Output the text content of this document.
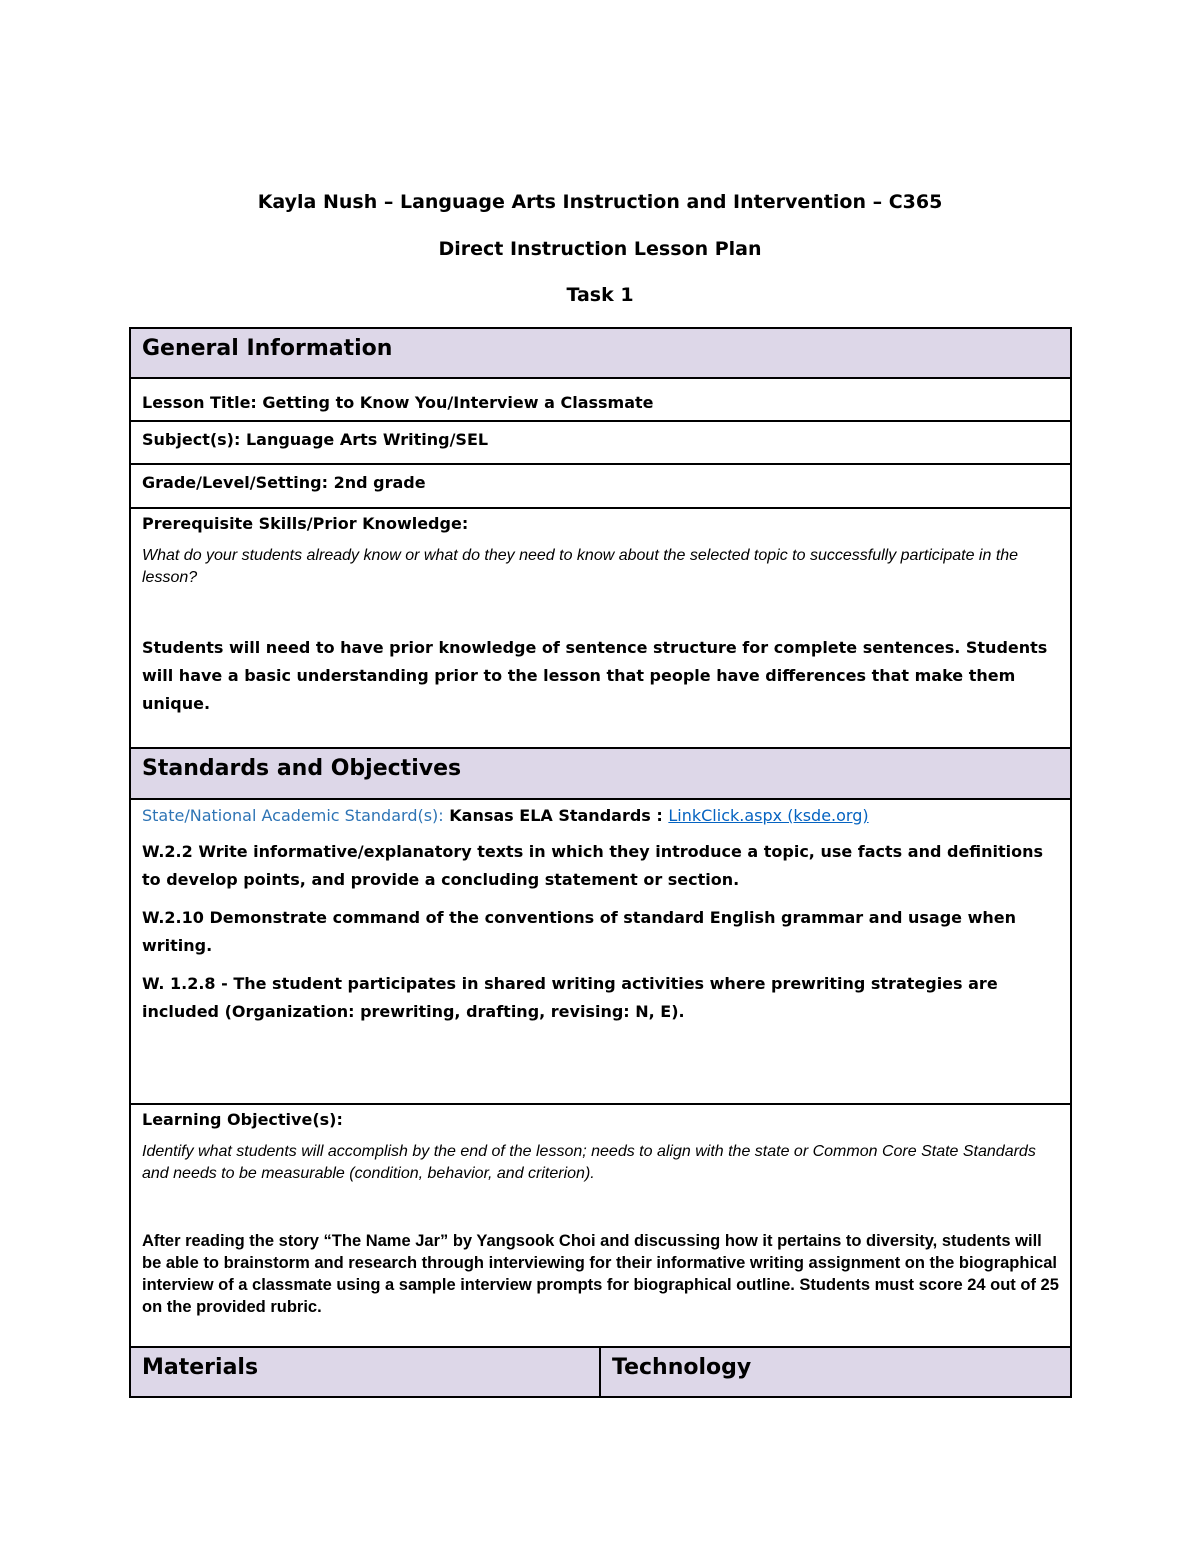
Kayla Nush – Language Arts Instruction and Intervention – C365
Direct Instruction Lesson Plan
Task 1
General Information

Lesson Title: Getting to Know You/Interview a Classmate

Subject(s): Language Arts Writing/SEL

Grade/Level/Setting: 2nd grade

Prerequisite Skills/Prior Knowledge:
What do your students already know or what do they need to know about the selected topic to successfully participate in the lesson?
Students will need to have prior knowledge of sentence structure for complete sentences. Students will have a basic understanding prior to the lesson that people have differences that make them unique.

Standards and Objectives

State/National Academic Standard(s): Kansas ELA Standards : LinkClick.aspx (ksde.org)
W.2.2 Write informative/explanatory texts in which they introduce a topic, use facts and definitions to develop points, and provide a concluding statement or section.
W.2.10 Demonstrate command of the conventions of standard English grammar and usage when writing.
W. 1.2.8 - The student participates in shared writing activities where prewriting strategies are included (Organization: prewriting, drafting, revising: N, E).

Learning Objective(s):
Identify what students will accomplish by the end of the lesson; needs to align with the state or Common Core State Standards and needs to be measurable (condition, behavior, and criterion).
After reading the story “The Name Jar” by Yangsook Choi and discussing how it pertains to diversity, students will be able to brainstorm and research through interviewing for their informative writing assignment on the biographical interview of a classmate using a sample interview prompts for biographical outline. Students must score 24 out of 25 on the provided rubric.

Materials	Technology
